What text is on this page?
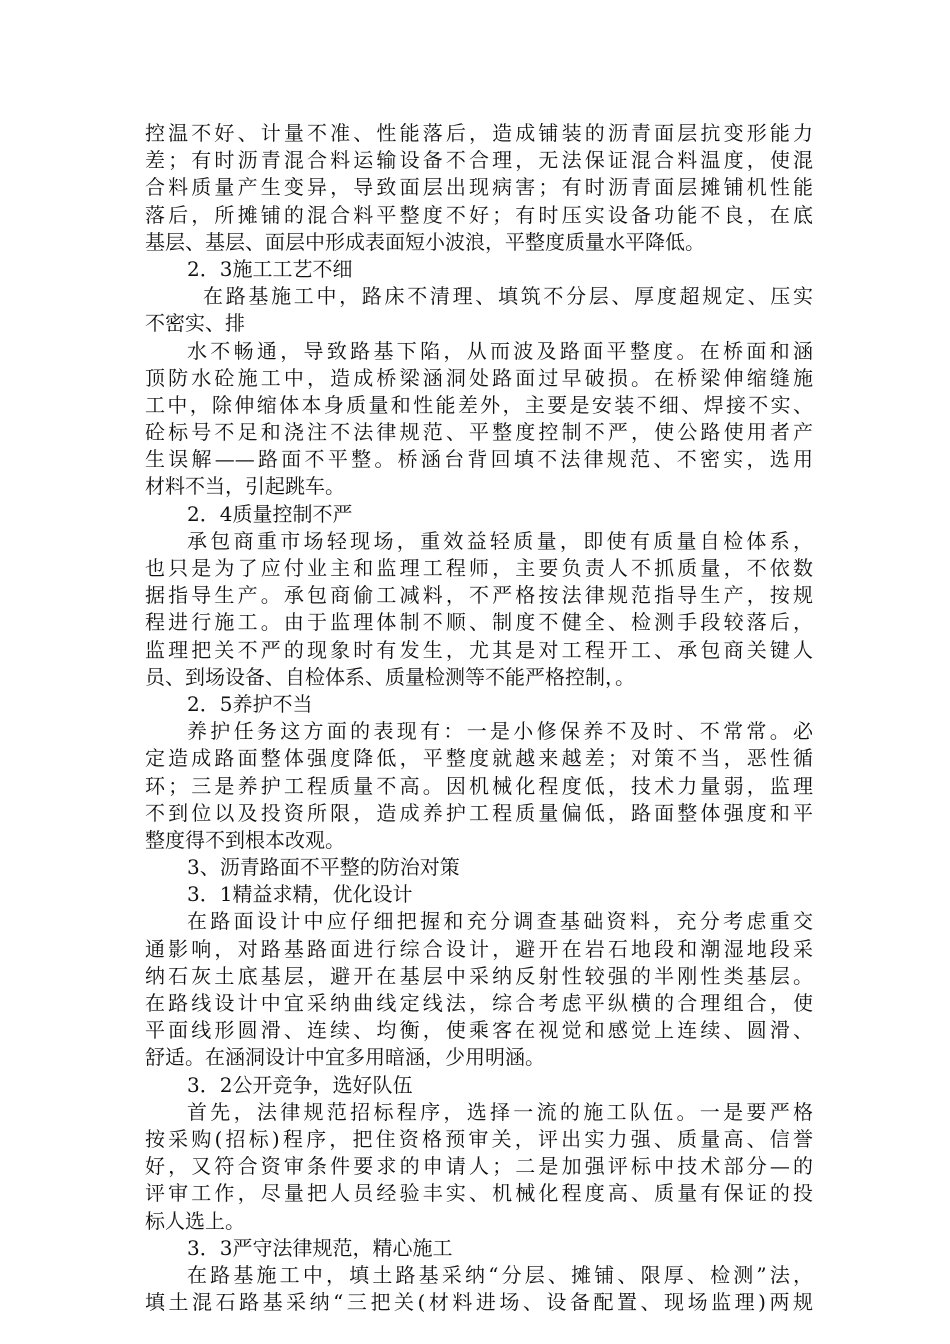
控温不好、计量不准、性能落后，造成铺装的沥青面层抗变形能力
差；有时沥青混合料运输设备不合理，无法保证混合料温度，使混
合料质量产生变异，导致面层出现病害；有时沥青面层摊铺机性能
落后，所摊铺的混合料平整度不好；有时压实设备功能不良，在底
基层、基层、面层中形成表面短小波浪，平整度质量水平降低。
2．3施工工艺不细
在路基施工中，路床不清理、填筑不分层、厚度超规定、压实
不密实、排
水不畅通，导致路基下陷，从而波及路面平整度。在桥面和涵
顶防水砼施工中，造成桥梁涵洞处路面过早破损。在桥梁伸缩缝施
工中，除伸缩体本身质量和性能差外，主要是安装不细、焊接不实、
砼标号不足和浇注不法律规范、平整度控制不严，使公路使用者产
生误解——路面不平整。桥涵台背回填不法律规范、不密实，选用
材料不当，引起跳车。
2．4质量控制不严
承包商重市场轻现场，重效益轻质量，即使有质量自检体系，
也只是为了应付业主和监理工程师，主要负责人不抓质量，不依数
据指导生产。承包商偷工减料，不严格按法律规范指导生产，按规
程进行施工。由于监理体制不顺、制度不健全、检测手段较落后，
监理把关不严的现象时有发生，尤其是对工程开工、承包商关键人
员、到场设备、自检体系、质量检测等不能严格控制，。
2．5养护不当
养护任务这方面的表现有：一是小修保养不及时、不常常。必
定造成路面整体强度降低，平整度就越来越差；对策不当，恶性循
环；三是养护工程质量不高。因机械化程度低，技术力量弱，监理
不到位以及投资所限，造成养护工程质量偏低，路面整体强度和平
整度得不到根本改观。
3、沥青路面不平整的防治对策
3．1精益求精，优化设计
在路面设计中应仔细把握和充分调查基础资料，充分考虑重交
通影响，对路基路面进行综合设计，避开在岩石地段和潮湿地段采
纳石灰土底基层，避开在基层中采纳反射性较强的半刚性类基层。
在路线设计中宜采纳曲线定线法，综合考虑平纵横的合理组合，使
平面线形圆滑、连续、均衡，使乘客在视觉和感觉上连续、圆滑、
舒适。在涵洞设计中宜多用暗涵，少用明涵。
3．2公开竞争，选好队伍
首先，法律规范招标程序，选择一流的施工队伍。一是要严格
按采购(招标)程序，把住资格预审关，评出实力强、质量高、信誉
好，又符合资审条件要求的申请人；二是加强评标中技术部分—的
评审工作，尽量把人员经验丰实、机械化程度高、质量有保证的投
标人选上。
3．3严守法律规范，精心施工
在路基施工中，填土路基采纳“分层、摊铺、限厚、检测”法，
填土混石路基采纳“三把关(材料进场、设备配置、现场监理)两规
